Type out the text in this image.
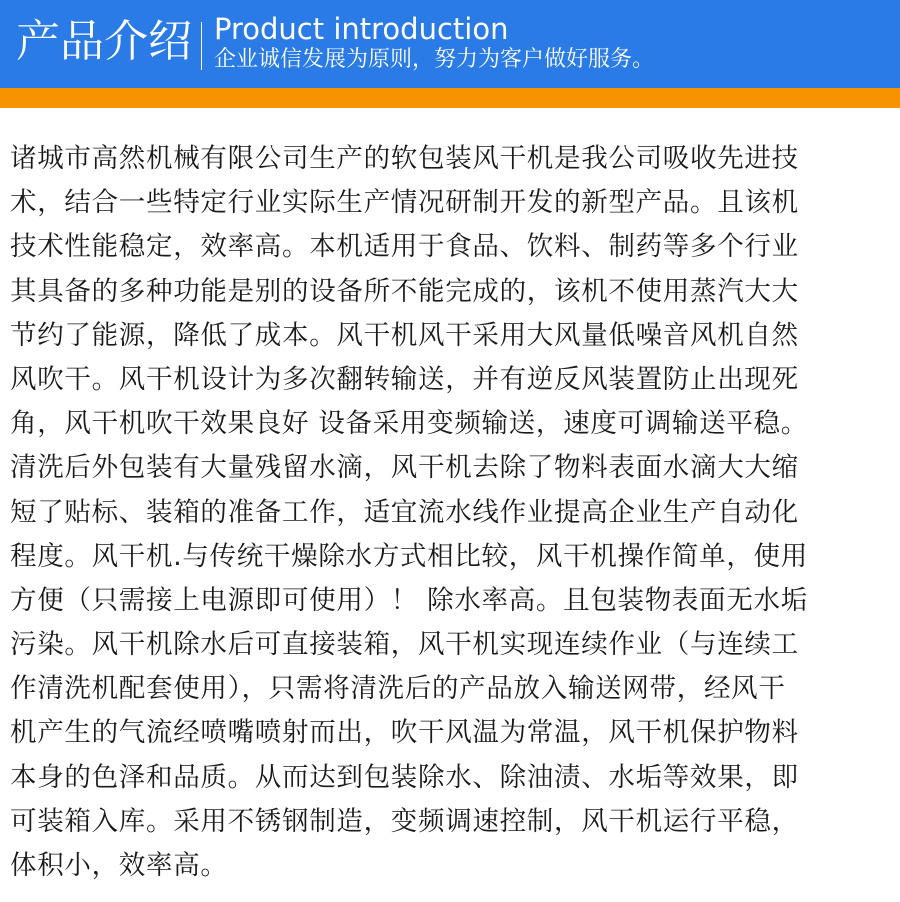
产品介绍 Product introduction
企业诚信发展为原则，努力为客户做好服务。
诸城市高然机械有限公司生产的软包装风干机是我公司吸收先进技
术，结合一些特定行业实际生产情况研制开发的新型产品。且该机
技术性能稳定，效率高。本机适用于食品、饮料、制药等多个行业
其具备的多种功能是别的设备所不能完成的，该机不使用蒸汽大大
节约了能源，降低了成本。风干机风干采用大风量低噪音风机自然
风吹干。风干机设计为多次翻转输送，并有逆反风装置防止出现死
角，风干机吹干效果良好 设备采用变频输送，速度可调输送平稳。
清洗后外包装有大量残留水滴，风干机去除了物料表面水滴大大缩
短了贴标、装箱的准备工作，适宜流水线作业提高企业生产自动化
程度。风干机.与传统干燥除水方式相比较，风干机操作简单，使用
方便（只需接上电源即可使用）！ 除水率高。且包装物表面无水垢
污染。风干机除水后可直接装箱，风干机实现连续作业（与连续工
作清洗机配套使用），只需将清洗后的产品放入输送网带，经风干
机产生的气流经喷嘴喷射而出，吹干风温为常温，风干机保护物料
本身的色泽和品质。从而达到包装除水、除油渍、水垢等效果，即
可装箱入库。采用不锈钢制造，变频调速控制，风干机运行平稳，
体积小，效率高。
